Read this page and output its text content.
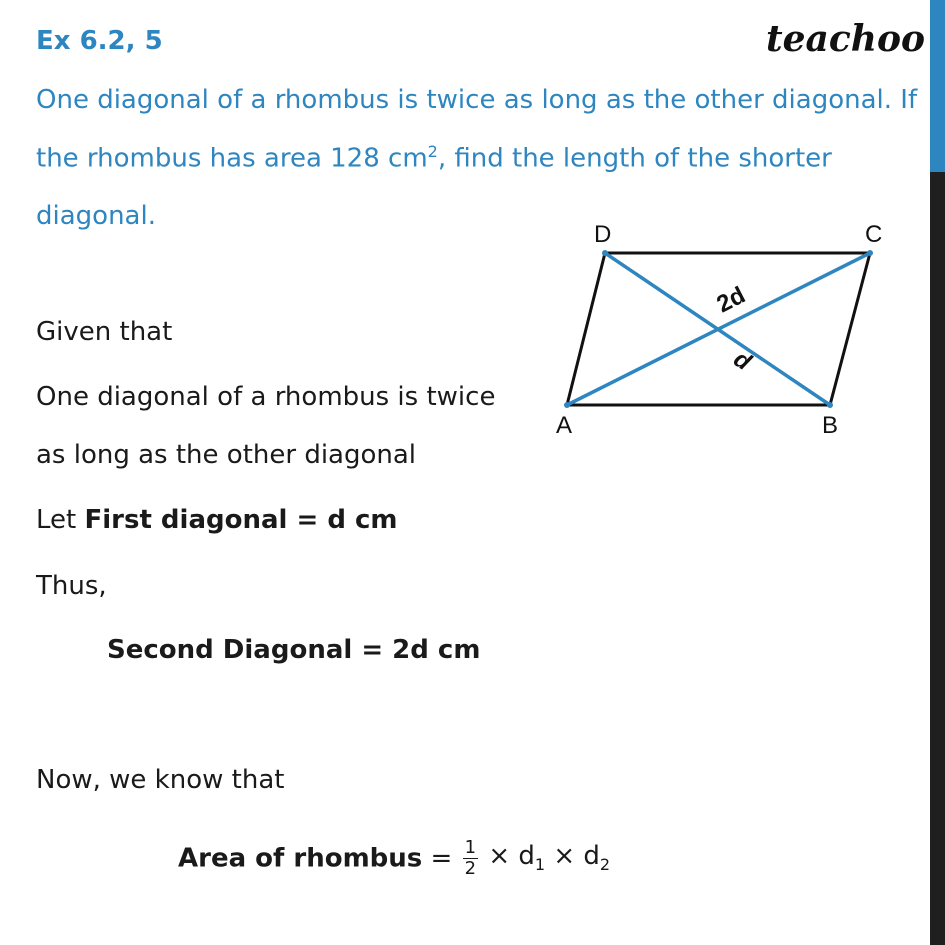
Ex 6.2, 5	teachoo
One diagonal of a rhombus is twice as long as the other diagonal. If
the rhombus has area 128 $cm^2$, find the length of the shorter
diagonal.
A	B
C
D
2d
d
Given that
One diagonal of a rhombus is twice
as long as the other diagonal
Let First diagonal = d cm
Thus,
Second Diagonal = 2d cm
Now, we know that
Area of rhombus = $\frac{1}{2} \times d_1 \times d_2$
